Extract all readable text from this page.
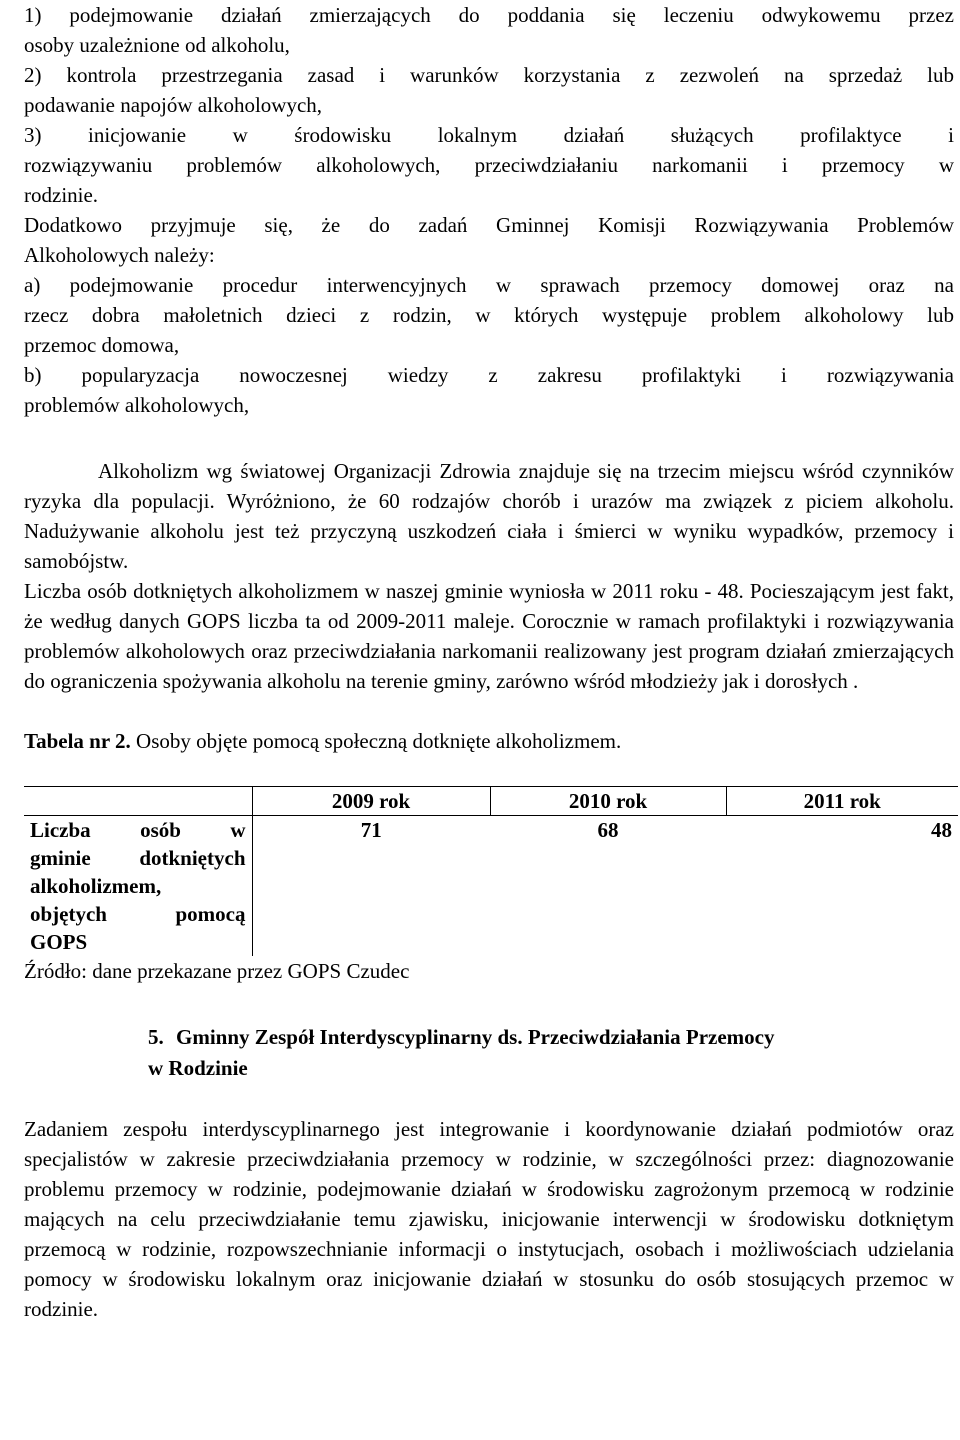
1) podejmowanie działań zmierzających do poddania się leczeniu odwykowemu przez

osoby uzależnione od alkoholu,

2) kontrola przestrzegania zasad i warunków korzystania z zezwoleń na sprzedaż lub

podawanie napojów alkoholowych,

3) inicjowanie w środowisku lokalnym działań służących profilaktyce i

rozwiązywaniu problemów alkoholowych, przeciwdziałaniu narkomanii i przemocy w

rodzinie.

Dodatkowo przyjmuje się, że do zadań Gminnej Komisji Rozwiązywania Problemów

Alkoholowych należy:

a) podejmowanie procedur interwencyjnych w sprawach przemocy domowej oraz na

rzecz dobra małoletnich dzieci z rodzin, w których występuje problem alkoholowy lub

przemoc domowa,

b) popularyzacja nowoczesnej wiedzy z zakresu profilaktyki i rozwiązywania

problemów alkoholowych,

Alkoholizm wg światowej Organizacji Zdrowia znajduje się na trzecim miejscu wśród czynników ryzyka dla populacji. Wyróżniono, że 60 rodzajów chorób i urazów ma związek z piciem alkoholu. Nadużywanie alkoholu jest też przyczyną uszkodzeń ciała i śmierci w wyniku wypadków, przemocy i samobójstw.

Liczba osób dotkniętych alkoholizmem w naszej gminie wyniosła w 2011 roku - 48. Pocieszającym jest fakt, że według danych GOPS liczba ta od 2009-2011 maleje. Corocznie w ramach profilaktyki i rozwiązywania problemów alkoholowych oraz przeciwdziałania narkomanii realizowany jest program działań zmierzających do ograniczenia spożywania alkoholu na terenie gminy, zarówno wśród młodzieży jak i dorosłych .

Tabela nr 2. Osoby objęte pomocą społeczną dotknięte alkoholizmem.

	2009 rok	2010 rok	2011 rok

Liczba osób w
gminie dotkniętych
alkoholizmem,
objętych pomocą
GOPS	71	68	48

Źródło: dane przekazane przez GOPS Czudec

5. Gminny Zespół Interdyscyplinarny ds. Przeciwdziałania Przemocy
w Rodzinie

Zadaniem zespołu interdyscyplinarnego jest integrowanie i koordynowanie działań podmiotów oraz specjalistów w zakresie przeciwdziałania przemocy w rodzinie, w szczególności przez: diagnozowanie problemu przemocy w rodzinie, podejmowanie działań w środowisku zagrożonym przemocą w rodzinie mających na celu przeciwdziałanie temu zjawisku, inicjowanie interwencji w środowisku dotkniętym przemocą w rodzinie, rozpowszechnianie informacji o instytucjach, osobach i możliwościach udzielania pomocy w środowisku lokalnym oraz inicjowanie działań w stosunku do osób stosujących przemoc w rodzinie.
